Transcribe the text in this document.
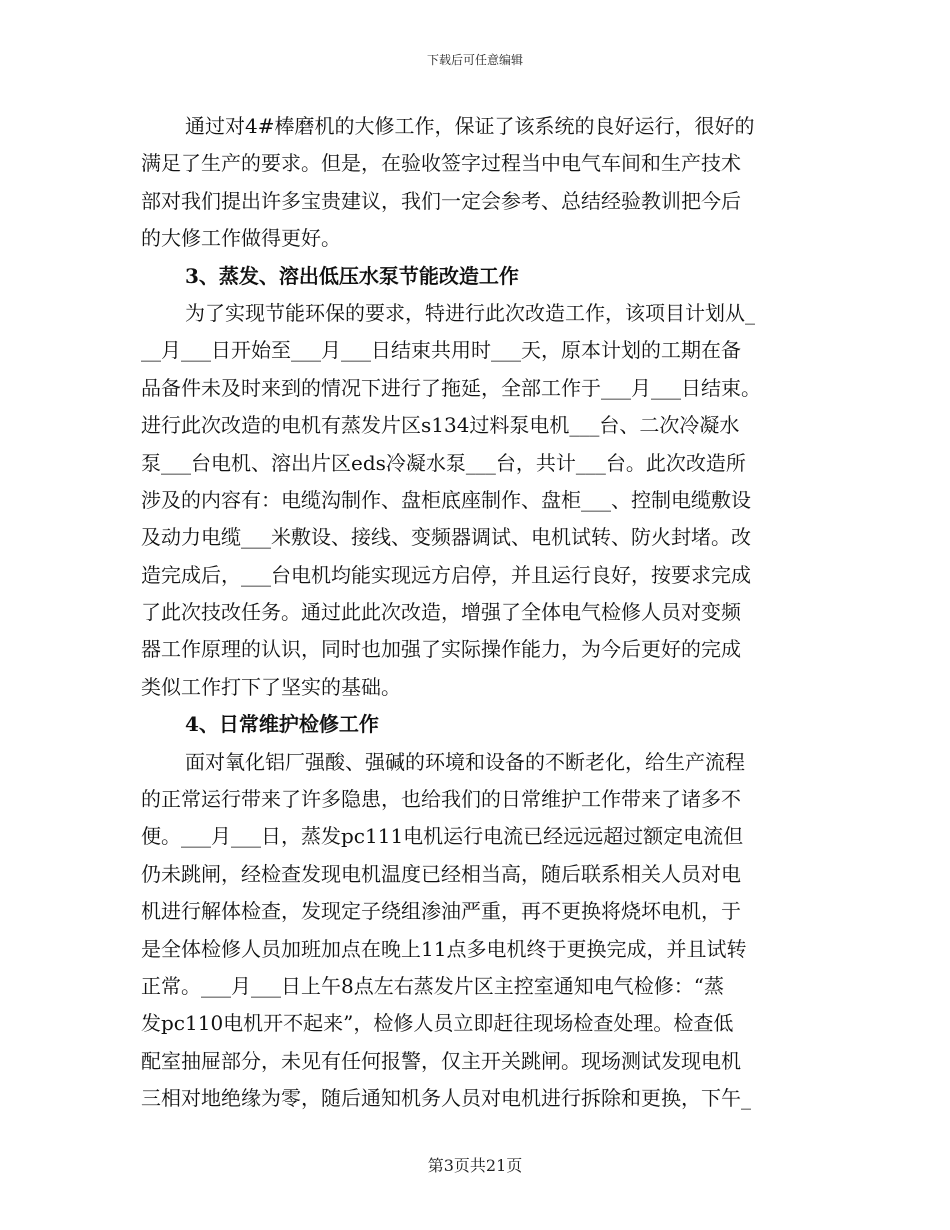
下载后可任意编辑
通过对4#棒磨机的大修工作，保证了该系统的良好运行，很好的
满足了生产的要求。但是，在验收签字过程当中电气车间和生产技术
部对我们提出许多宝贵建议，我们一定会参考、总结经验教训把今后
的大修工作做得更好。
3、蒸发、溶出低压水泵节能改造工作
为了实现节能环保的要求，特进行此次改造工作，该项目计划从_
__月___日开始至___月___日结束共用时___天，原本计划的工期在备
品备件未及时来到的情况下进行了拖延，全部工作于___月___日结束。
进行此次改造的电机有蒸发片区s134过料泵电机___台、二次冷凝水
泵___台电机、溶出片区eds冷凝水泵___台，共计___台。此次改造所
涉及的内容有：电缆沟制作、盘柜底座制作、盘柜___、控制电缆敷设
及动力电缆___米敷设、接线、变频器调试、电机试转、防火封堵。改
造完成后，___台电机均能实现远方启停，并且运行良好，按要求完成
了此次技改任务。通过此此次改造，增强了全体电气检修人员对变频
器工作原理的认识，同时也加强了实际操作能力，为今后更好的完成
类似工作打下了坚实的基础。
4、日常维护检修工作
面对氧化铝厂强酸、强碱的环境和设备的不断老化，给生产流程
的正常运行带来了许多隐患，也给我们的日常维护工作带来了诸多不
便。___月___日，蒸发pc111电机运行电流已经远远超过额定电流但
仍未跳闸，经检查发现电机温度已经相当高，随后联系相关人员对电
机进行解体检查，发现定子绕组渗油严重，再不更换将烧坏电机，于
是全体检修人员加班加点在晚上11点多电机终于更换完成，并且试转
正常。___月___日上午8点左右蒸发片区主控室通知电气检修：“蒸
发pc110电机开不起来”，检修人员立即赶往现场检查处理。检查低
配室抽屉部分，未见有任何报警，仅主开关跳闸。现场测试发现电机
三相对地绝缘为零，随后通知机务人员对电机进行拆除和更换，下午_
第3页共21页
